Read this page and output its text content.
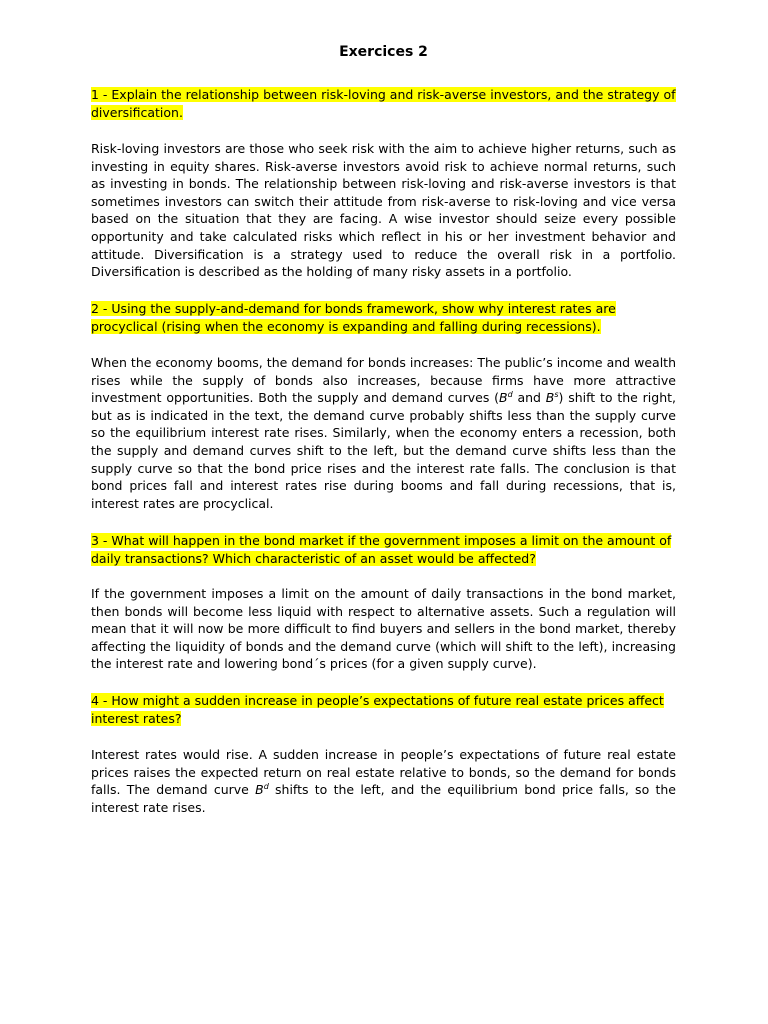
Exercices 2
1 - Explain the relationship between risk-loving and risk-averse investors, and the strategy of diversification.

Risk-loving investors are those who seek risk with the aim to achieve higher returns, such as investing in equity shares. Risk-averse investors avoid risk to achieve normal returns, such as investing in bonds. The relationship between risk-loving and risk-averse investors is that sometimes investors can switch their attitude from risk-averse to risk-loving and vice versa based on the situation that they are facing. A wise investor should seize every possible opportunity and take calculated risks which reflect in his or her investment behavior and attitude. Diversification is a strategy used to reduce the overall risk in a portfolio. Diversification is described as the holding of many risky assets in a portfolio.

2 - Using the supply-and-demand for bonds framework, show why interest rates are procyclical (rising when the economy is expanding and falling during recessions).

When the economy booms, the demand for bonds increases: The public’s income and wealth rises while the supply of bonds also increases, because firms have more attractive investment opportunities. Both the supply and demand curves ($B^d$ and $B^s$) shift to the right, but as is indicated in the text, the demand curve probably shifts less than the supply curve so the equilibrium interest rate rises. Similarly, when the economy enters a recession, both the supply and demand curves shift to the left, but the demand curve shifts less than the supply curve so that the bond price rises and the interest rate falls. The conclusion is that bond prices fall and interest rates rise during booms and fall during recessions, that is, interest rates are procyclical.

3 - What will happen in the bond market if the government imposes a limit on the amount of daily transactions? Which characteristic of an asset would be affected?

If the government imposes a limit on the amount of daily transactions in the bond market, then bonds will become less liquid with respect to alternative assets. Such a regulation will mean that it will now be more difficult to find buyers and sellers in the bond market, thereby affecting the liquidity of bonds and the demand curve (which will shift to the left), increasing the interest rate and lowering bond´s prices (for a given supply curve).

4 - How might a sudden increase in people’s expectations of future real estate prices affect interest rates?

Interest rates would rise. A sudden increase in people’s expectations of future real estate prices raises the expected return on real estate relative to bonds, so the demand for bonds falls. The demand curve $B^d$ shifts to the left, and the equilibrium bond price falls, so the interest rate rises.
